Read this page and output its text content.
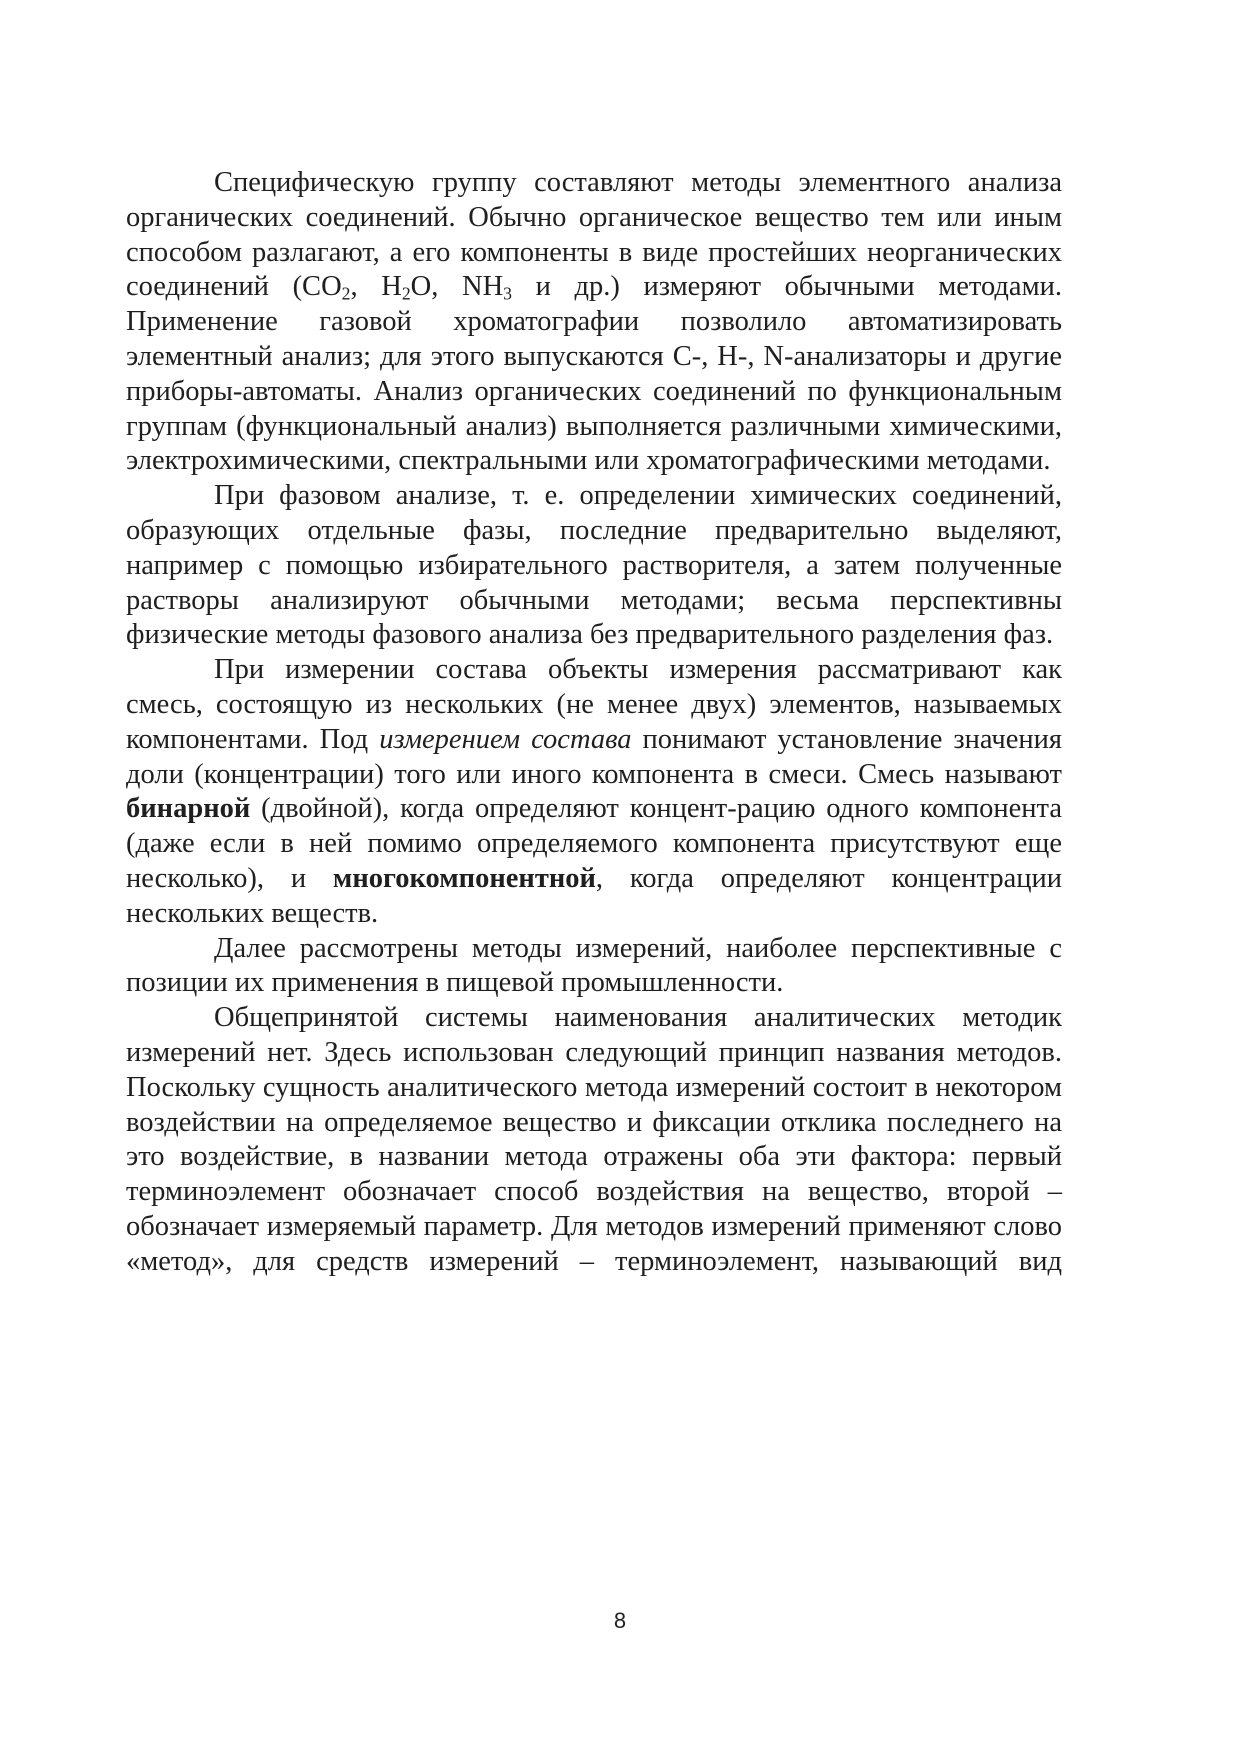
Специфическую группу составляют методы элементного анализа органических соединений. Обычно органическое вещество тем или иным способом разлагают, а его компоненты в виде простейших неорганических соединений ($CO_2$, $H_2O$, $NH_3$ и др.) измеряют обычными методами. Применение газовой хроматографии позволило автоматизировать элементный анализ; для этого выпускаются С-, Н-, N-анализаторы и другие приборы-автоматы. Анализ органических соединений по функциональным группам (функциональный анализ) выполняется различными химическими, электрохимическими, спектральными или хроматографическими методами.

При фазовом анализе, т. е. определении химических соединений, образующих отдельные фазы, последние предварительно выделяют, например с помощью избирательного растворителя, а затем полученные растворы анализируют обычными методами; весьма перспективны физические методы фазового анализа без предварительного разделения фаз.

При измерении состава объекты измерения рассматривают как смесь, состоящую из нескольких (не менее двух) элементов, называемых компонентами. Под измерением состава понимают установление значения доли (концентрации) того или иного компонента в смеси. Смесь называют бинарной (двойной), когда определяют концент-рацию одного компонента (даже если в ней помимо определяемого компонента присутствуют еще несколько), и многокомпонентной, когда определяют концентрации нескольких веществ.

Далее рассмотрены методы измерений, наиболее перспективные с позиции их применения в пищевой промышленности.

Общепринятой системы наименования аналитических методик измерений нет. Здесь использован следующий принцип названия методов. Поскольку сущность аналитического метода измерений состоит в некотором воздействии на определяемое вещество и фиксации отклика последнего на это воздействие, в названии метода отражены оба эти фактора: первый терминоэлемент обозначает способ воздействия на вещество, второй – обозначает измеряемый параметр. Для методов измерений применяют слово «метод», для средств измерений – терминоэлемент, называющий вид

8
